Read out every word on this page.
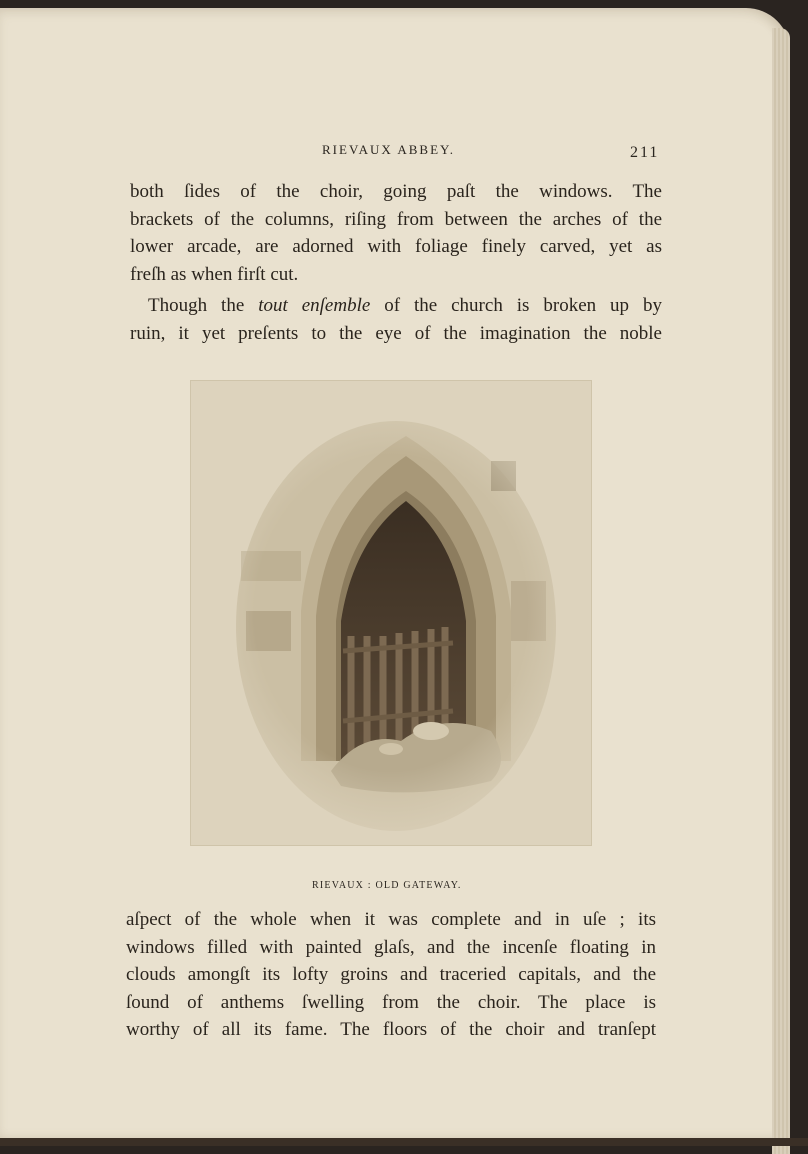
RIEVAUX ABBEY.	211
both ſides of the choir, going paſt the windows. The
brackets of the columns, riſing from between the arches of the
lower arcade, are adorned with foliage finely carved, yet as
freſh as when firſt cut.
Though the tout enſemble of the church is broken up by
ruin, it yet preſents to the eye of the imagination the noble
RIEVAUX : OLD GATEWAY.
aſpect of the whole when it was complete and in uſe ; its
windows filled with painted glaſs, and the incenſe floating in
clouds amongſt its lofty groins and traceried capitals, and the
ſound of anthems ſwelling from the choir. The place is
worthy of all its fame. The floors of the choir and tranſept
